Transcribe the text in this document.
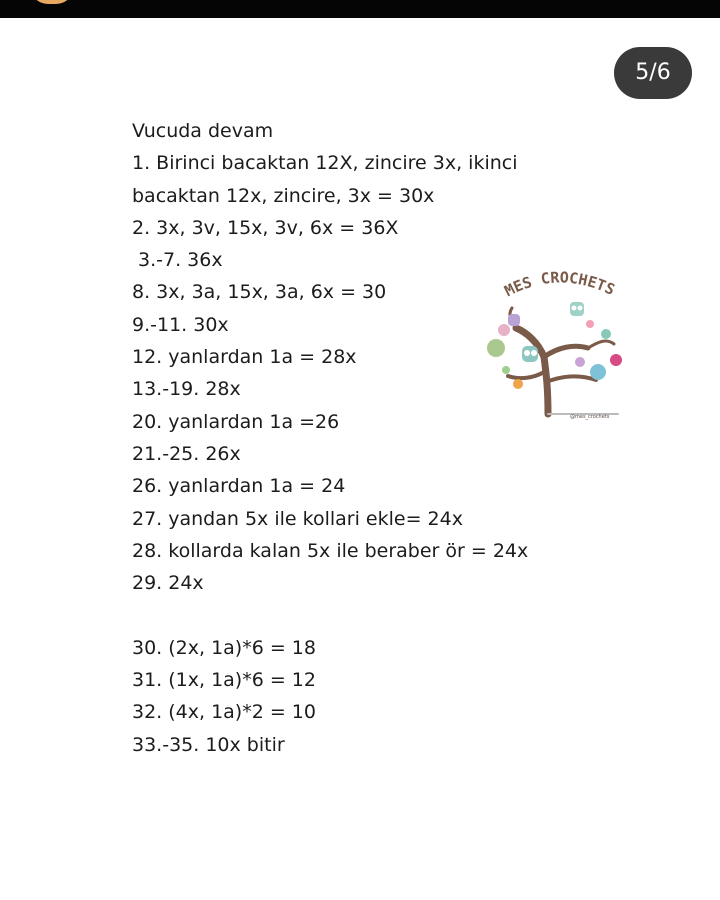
5/6
Vucuda devam
1. Birinci bacaktan 12X, zincire 3x, ikinci
bacaktan 12x, zincire, 3x = 30x
2. 3x, 3v, 15x, 3v, 6x = 36X
3.-7. 36x
8. 3x, 3a, 15x, 3a, 6x = 30
9.-11. 30x
12. yanlardan 1a = 28x
13.-19. 28x
20. yanlardan 1a =26
21.-25. 26x
26. yanlardan 1a = 24
27. yandan 5x ile kollari ekle= 24x
28. kollarda kalan 5x ile beraber ör = 24x
29. 24x
30. (2x, 1a)*6 = 18
31. (1x, 1a)*6 = 12
32. (4x, 1a)*2 = 10
33.-35. 10x bitir
MES CROCHETS
@mes_crochets
